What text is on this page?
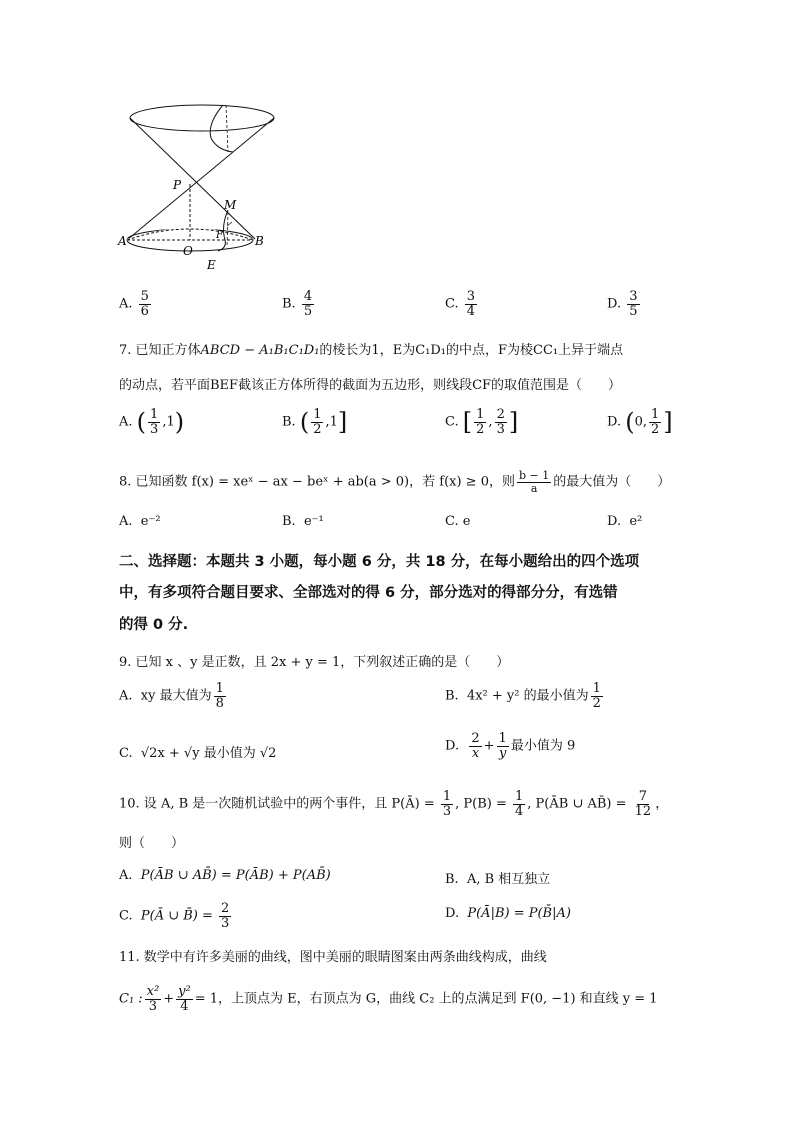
P
M
A
O
B
E
F
A. $\frac{5}{6}$	B. $\frac{4}{5}$	C. $\frac{3}{4}$	D. $\frac{3}{5}$
7. 已知正方体ABCD − A₁B₁C₁D₁的棱长为1，E为C₁D₁的中点，F为棱CC₁上异于端点
的动点，若平面BEF截该正方体所得的截面为五边形，则线段CF的取值范围是（　　）
A. ( $\frac{1}{3} ,1$)	B. ( $\frac{1}{2} ,1$]	C. [ $\frac{1}{2}$ , $\frac{2}{3}$ ]	D. (0, $\frac{1}{2}$ ]
8. 已知函数 f(x) = xeˣ − ax − beˣ + ab(a > 0)，若 f(x) ≥ 0，则 $\frac{b - 1}{a}$ 的最大值为（　　）
A. e⁻²	B. e⁻¹	C. e	D. e²
二、选择题：本题共 3 小题，每小题 6 分，共 18 分，在每小题给出的四个选项
中，有多项符合题目要求、全部选对的得 6 分，部分选对的得部分分，有选错
的得 0 分.
9. 已知 x 、y 是正数，且 2x + y = 1，下列叙述正确的是（　　）
A. xy 最大值为 $\frac{1}{8}$	B. 4x² + y² 的最小值为 $\frac{1}{2}$
C. √2x + √y 最小值为 √2	D. $\frac{2}{x} + \frac{1}{y}$ 最小值为 9
10. 设 A, B 是一次随机试验中的两个事件，且 P(Ā) = $\frac{1}{3}$ , $P(B) = \frac{1}{4}$ , P(ĀB ∪ AB̄) = $\frac{7}{12}$ ，
则（　　）
A. P(ĀB ∪ AB̄) = P(ĀB) + P(AB̄)	B. A, B 相互独立
C. P(Ā ∪ B̄) = $\frac{2}{3}$	D. P(Ā|B) = P(B̄|A)
11. 数学中有许多美丽的曲线，图中美丽的眼睛图案由两条曲线构成，曲线
C₁ : $\frac{\text{x²}}{3} + \frac{\text{y²}}{4} = 1$，上顶点为 E，右顶点为 G，曲线 C₂ 上的点满足到 F(0, −1) 和直线 y = 1
